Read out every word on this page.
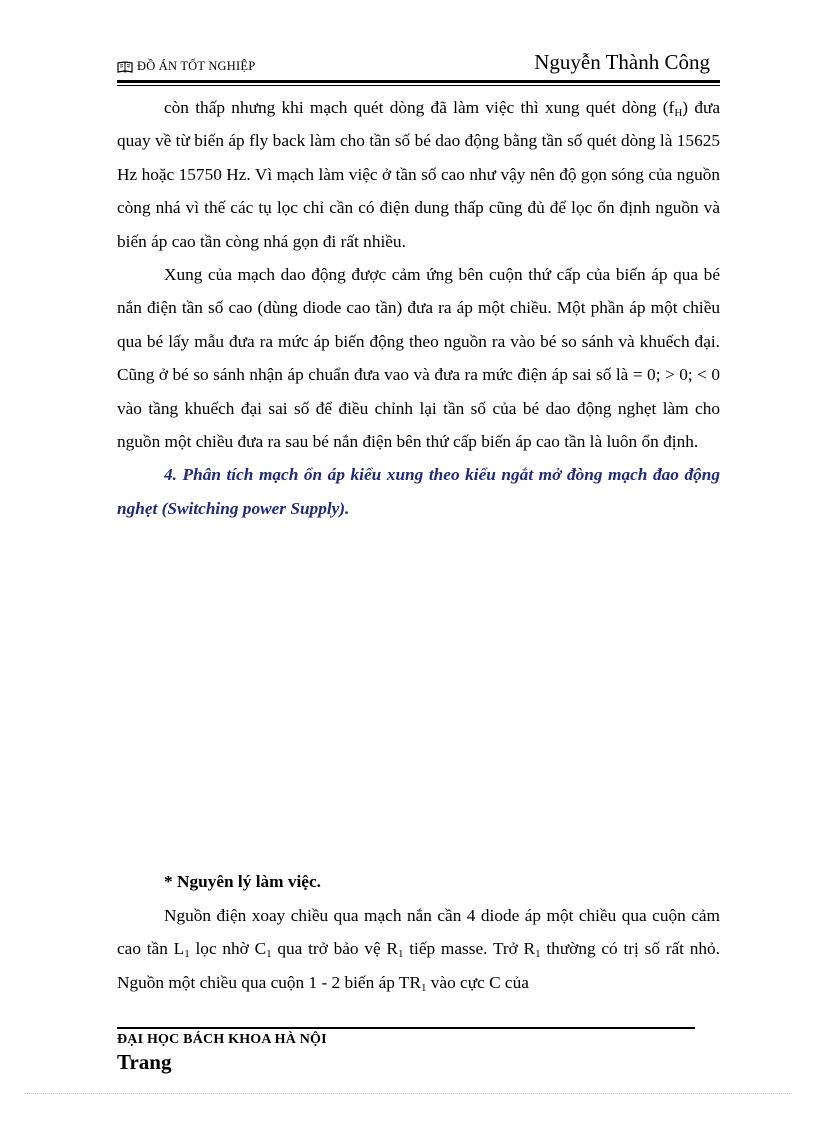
ĐỒ ÁN TỐT NGHIỆP	Nguyễn Thành Công

còn thấp nhưng khi mạch quét dòng đã làm việc thì xung quét dòng $(f_H)$ đưa quay về từ biến áp fly back làm cho tần số bé dao động bằng tần số quét dòng là 15625 Hz hoặc 15750 Hz. Vì mạch làm việc ở tần số cao như vậy nên độ gọn sóng của nguồn còng nhá vì thế các tụ lọc chỉ cần có điện dung thấp cũng đủ để lọc ổn định nguồn và biến áp cao tần còng nhá gọn đi rất nhiều.

Xung của mạch dao động được cảm ứng bên cuộn thứ cấp của biến áp qua bé nắn điện tần số cao (dùng diode cao tần) đưa ra áp một chiều. Một phần áp một chiều qua bé lấy mẫu đưa ra mức áp biến động theo nguồn ra vào bé so sánh và khuếch đại. Cũng ở bé so sánh nhận áp chuẩn đưa vao và đưa ra mức điện áp sai số là = 0; > 0; < 0 vào tầng khuếch đại sai số để điều chỉnh lại tần số của bé dao động nghẹt làm cho nguồn một chiều đưa ra sau bé nắn điện bên thứ cấp biến áp cao tần là luôn ổn định.

4. Phân tích mạch ổn áp kiểu xung theo kiểu ngắt mở đòng mạch đao động nghẹt (Switching power Supply).

* Nguyên lý làm việc.

Nguồn điện xoay chiều qua mạch nắn cần 4 diode áp một chiều qua cuộn cảm cao tần $L_1$ lọc nhờ $C_1$ qua trở bảo vệ $R_1$ tiếp masse. Trở $R_1$ thường có trị số rất nhỏ. Nguồn một chiều qua cuộn 1 - 2 biến áp $TR_1$ vào cực C của

ĐẠI HỌC BÁCH KHOA HÀ NỘI
Trang
